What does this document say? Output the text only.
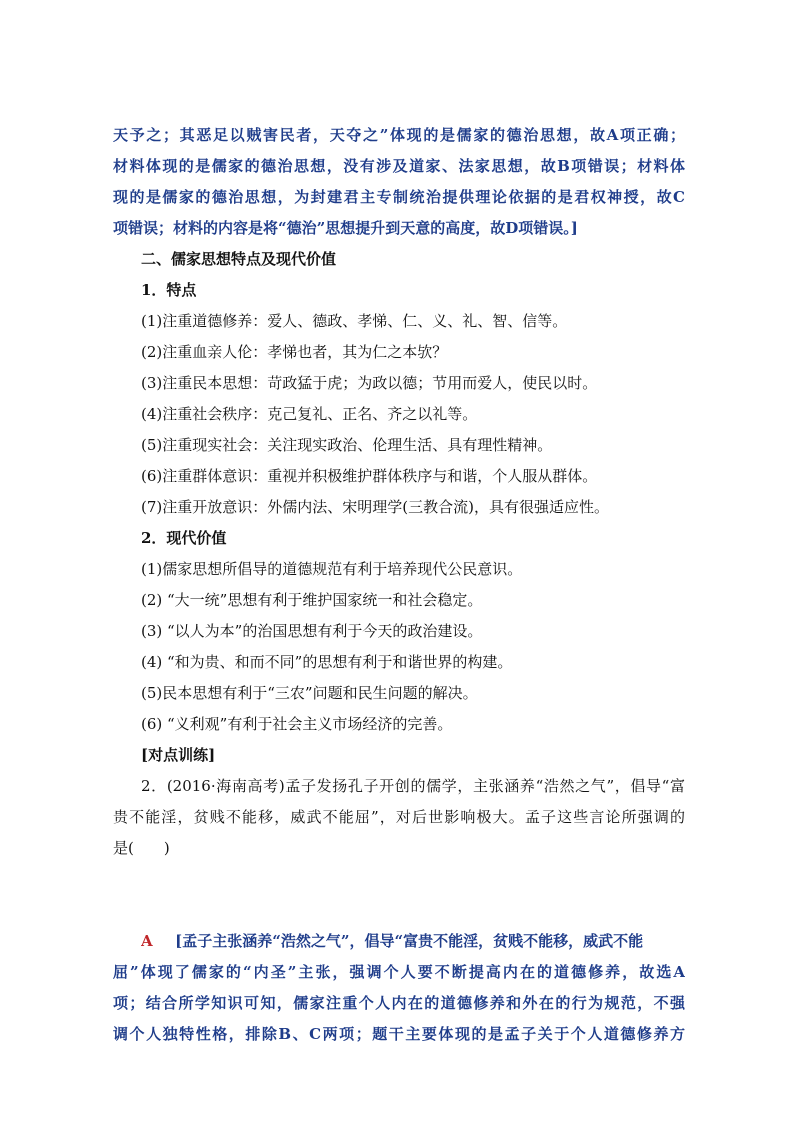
天予之；其恶足以贼害民者，天夺之”体现的是儒家的德治思想，故A项正确；
材料体现的是儒家的德治思想，没有涉及道家、法家思想，故B项错误；材料体
现的是儒家的德治思想，为封建君主专制统治提供理论依据的是君权神授，故C
项错误；材料的内容是将“德治”思想提升到天意的高度，故D项错误。]
二、儒家思想特点及现代价值
1．特点
(1)注重道德修养：爱人、德政、孝悌、仁、义、礼、智、信等。
(2)注重血亲人伦：孝悌也者，其为仁之本欤？
(3)注重民本思想：苛政猛于虎；为政以德；节用而爱人，使民以时。
(4)注重社会秩序：克己复礼、正名、齐之以礼等。
(5)注重现实社会：关注现实政治、伦理生活、具有理性精神。
(6)注重群体意识：重视并积极维护群体秩序与和谐，个人服从群体。
(7)注重开放意识：外儒内法、宋明理学(三教合流)，具有很强适应性。
2．现代价值
(1)儒家思想所倡导的道德规范有利于培养现代公民意识。
(2) “大一统”思想有利于维护国家统一和社会稳定。
(3) “以人为本”的治国思想有利于今天的政治建设。
(4) “和为贵、和而不同”的思想有利于和谐世界的构建。
(5)民本思想有利于“三农”问题和民生问题的解决。
(6) “义利观”有利于社会主义市场经济的完善。
[对点训练]
2．(2016·海南高考)孟子发扬孔子开创的儒学，主张涵养“浩然之气”，倡导“富
贵不能淫，贫贱不能移，威武不能屈”，对后世影响极大。孟子这些言论所强调的
是(　　)
A [孟子主张涵养“浩然之气”，倡导“富贵不能淫，贫贱不能移，威武不能
屈”体现了儒家的“内圣”主张，强调个人要不断提高内在的道德修养，故选A
项；结合所学知识可知，儒家注重个人内在的道德修养和外在的行为规范，不强
调个人独特性格，排除B、C两项；题干主要体现的是孟子关于个人道德修养方
